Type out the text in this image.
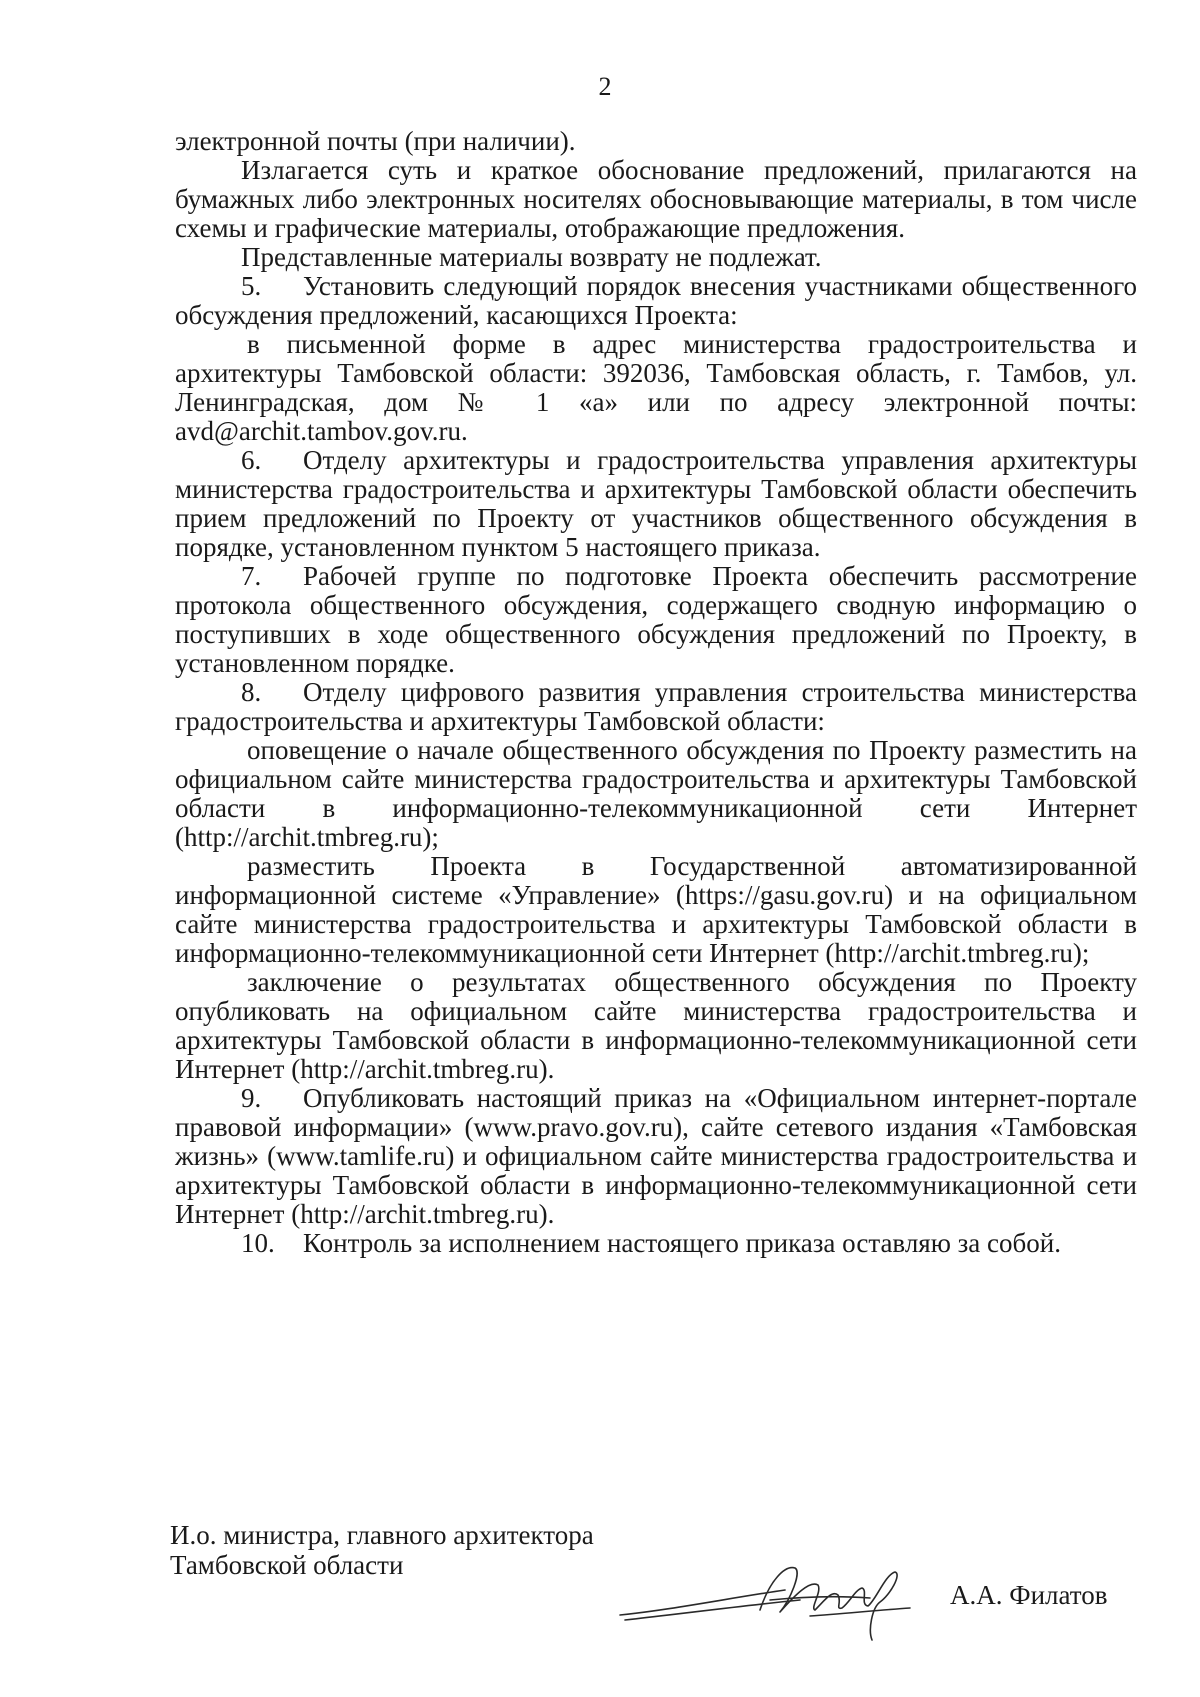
2

электронной почты (при наличии).

Излагается суть и краткое обоснование предложений, прилагаются на бумажных либо электронных носителях обосновывающие материалы, в том числе схемы и графические материалы, отображающие предложения.

Представленные материалы возврату не подлежат.

5. Установить следующий порядок внесения участниками общественного обсуждения предложений, касающихся Проекта:

в письменной форме в адрес министерства градостроительства и архитектуры Тамбовской области: 392036, Тамбовская область, г. Тамбов, ул. Ленинградская, дом № 1 «а» или по адресу электронной почты: avd@archit.tambov.gov.ru.

6. Отделу архитектуры и градостроительства управления архитектуры министерства градостроительства и архитектуры Тамбовской области обеспечить прием предложений по Проекту от участников общественного обсуждения в порядке, установленном пунктом 5 настоящего приказа.

7. Рабочей группе по подготовке Проекта обеспечить рассмотрение протокола общественного обсуждения, содержащего сводную информацию о поступивших в ходе общественного обсуждения предложений по Проекту, в установленном порядке.

8. Отделу цифрового развития управления строительства министерства градостроительства и архитектуры Тамбовской области:

оповещение о начале общественного обсуждения по Проекту разместить на официальном сайте министерства градостроительства и архитектуры Тамбовской области в информационно-телекоммуникационной сети Интернет (http://archit.tmbreg.ru);

разместить Проекта в Государственной автоматизированной информационной системе «Управление» (https://gasu.gov.ru) и на официальном сайте министерства градостроительства и архитектуры Тамбовской области в информационно-телекоммуникационной сети Интернет (http://archit.tmbreg.ru);

заключение о результатах общественного обсуждения по Проекту опубликовать на официальном сайте министерства градостроительства и архитектуры Тамбовской области в информационно-телекоммуникационной сети Интернет (http://archit.tmbreg.ru).

9. Опубликовать настоящий приказ на «Официальном интернет-портале правовой информации» (www.pravo.gov.ru), сайте сетевого издания «Тамбовская жизнь» (www.tamlife.ru) и официальном сайте министерства градостроительства и архитектуры Тамбовской области в информационно-телекоммуникационной сети Интернет (http://archit.tmbreg.ru).

10. Контроль за исполнением настоящего приказа оставляю за собой.

И.о. министра, главного архитектора
Тамбовской области
А.А. Филатов
